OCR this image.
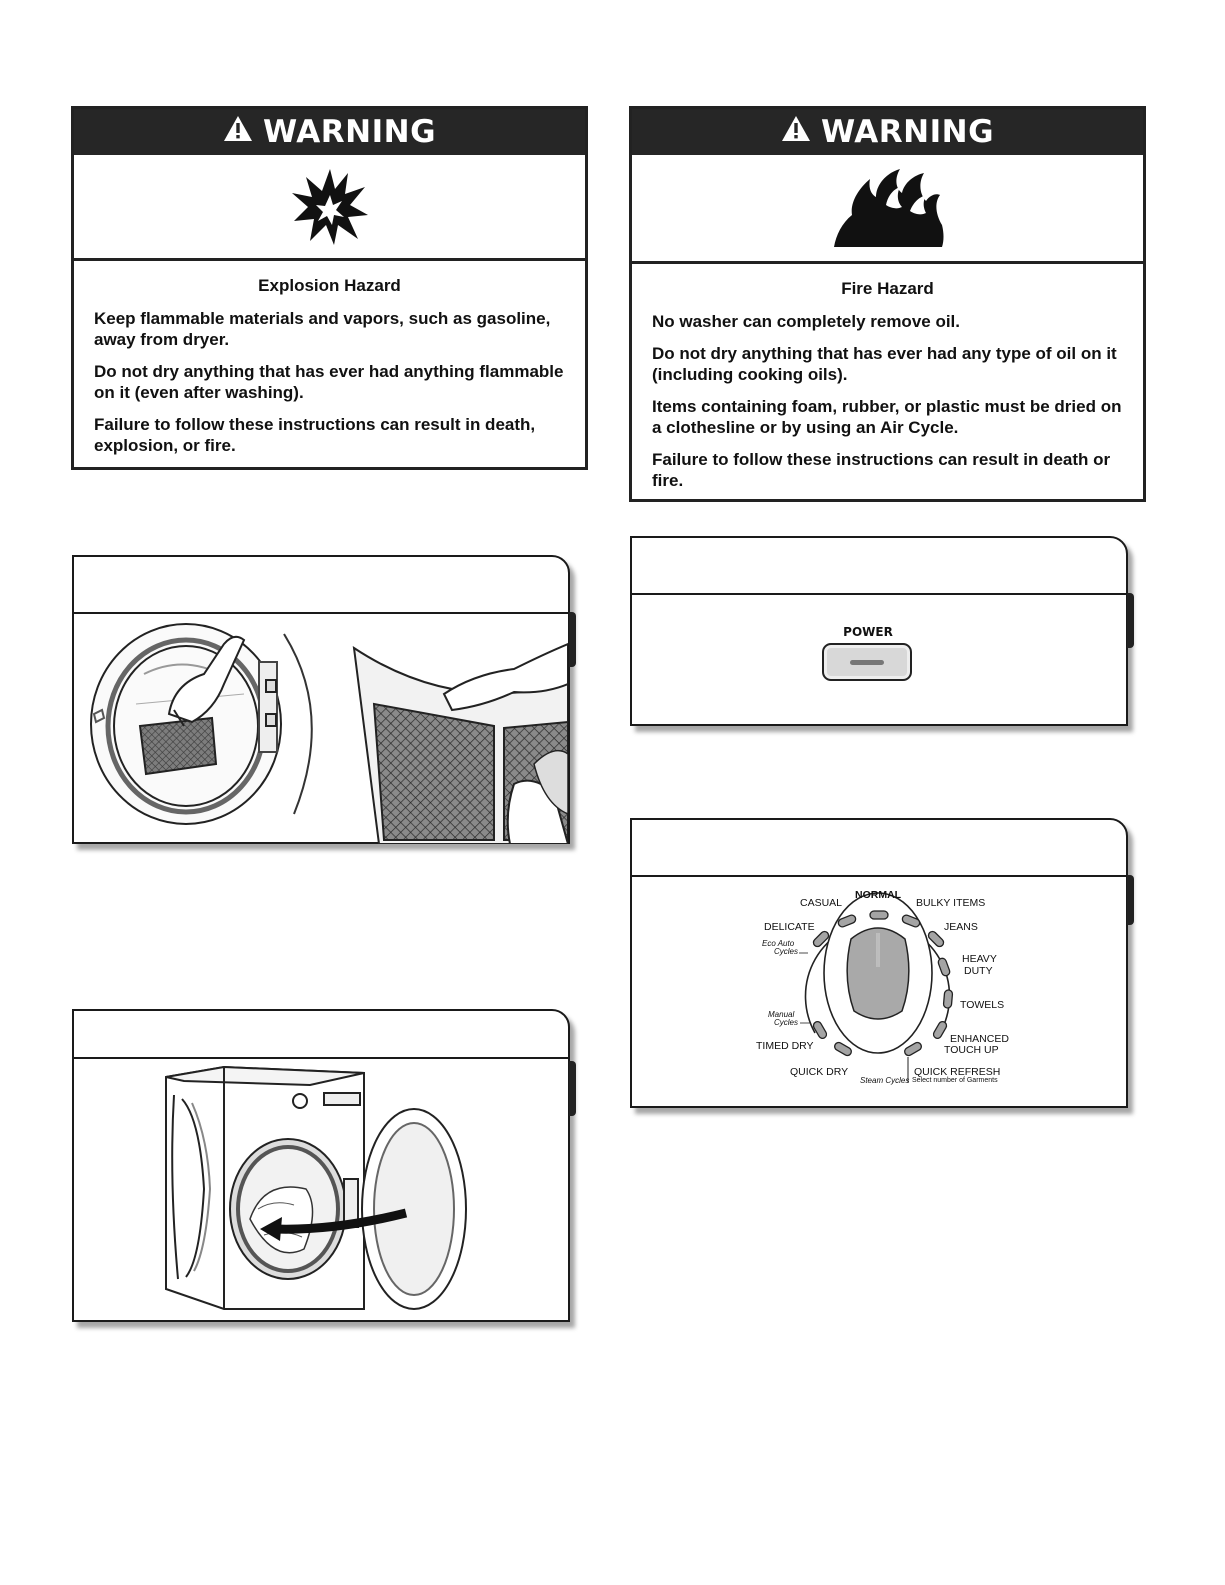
WARNING
Explosion Hazard

Keep flammable materials and vapors, such as gasoline, away from dryer.

Do not dry anything that has ever had anything flammable on it (even after washing).

Failure to follow these instructions can result in death, explosion, or fire.

WARNING
Fire Hazard

No washer can completely remove oil.

Do not dry anything that has ever had any type of oil on it (including cooking oils).

Items containing foam, rubber, or plastic must be dried on a clothesline or by using an Air Cycle.

Failure to follow these instructions can result in death or fire.

POWER
NORMAL
CASUAL	BULKY ITEMS
DELICATE	JEANS
HEAVY
DUTY
TOWELS
ENHANCED
TOUCH UP
TIMED DRY
QUICK DRY	QUICK REFRESH
Eco Auto
Cycles
Manual
Cycles
Steam Cycles Select number of Garments
